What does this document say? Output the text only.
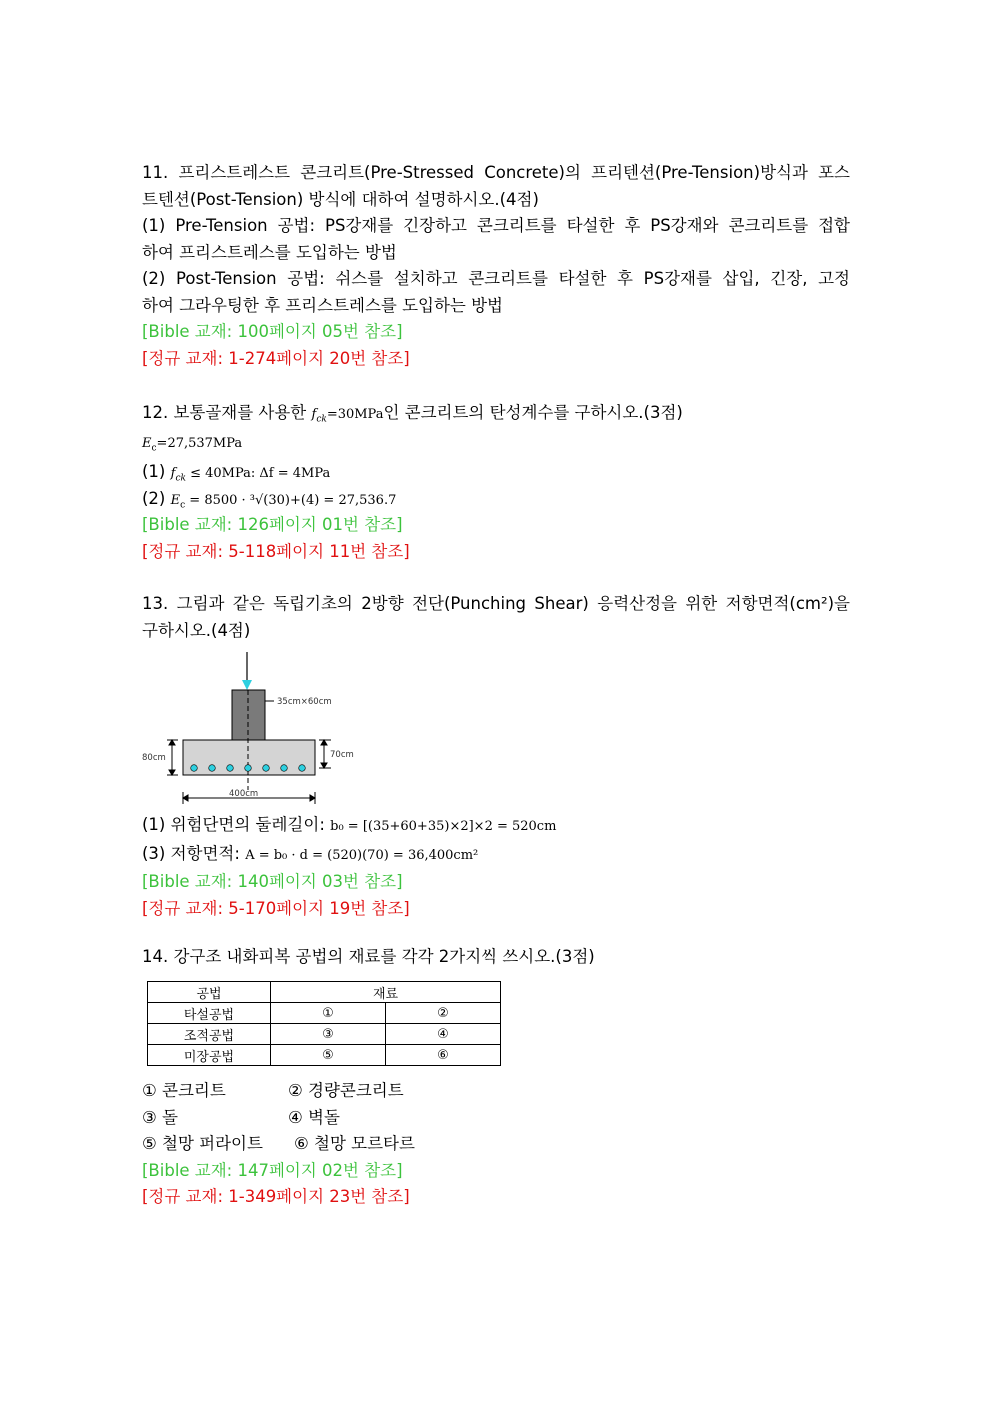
11. 프리스트레스트 콘크리트(Pre-Stressed Concrete)의 프리텐션(Pre-Tension)방식과 포스
트텐션(Post-Tension) 방식에 대하여 설명하시오.(4점)
(1) Pre-Tension 공법: PS강재를 긴장하고 콘크리트를 타설한 후 PS강재와 콘크리트를 접합
하여 프리스트레스를 도입하는 방법
(2) Post-Tension 공법: 쉬스를 설치하고 콘크리트를 타설한 후 PS강재를 삽입, 긴장, 고정
하여 그라우팅한 후 프리스트레스를 도입하는 방법
[Bible 교재: 100페이지 05번 참조]
[정규 교재: 1-274페이지 20번 참조]
12. 보통골재를 사용한 $f_{ck}=30MPa$인 콘크리트의 탄성계수를 구하시오.(3점)
$E_c=27,537MPa$
(1) $f_{ck} \le 40MPa$: Δf = 4MPa
(2) $E_c = 8500 \cdot ^3√(30)+(4) = 27,536.7$
[Bible 교재: 126페이지 01번 참조]
[정규 교재: 5-118페이지 11번 참조]
13. 그림과 같은 독립기초의 2방향 전단(Punching Shear) 응력산정을 위한 저항면적(cm²)을
구하시오.(4점)
35cm×60cm
80cm	70cm
400cm
(1) 위험단면의 둘레길이: b₀ = [(35+60+35)×2]×2 = 520cm
(3) 저항면적: A = b₀ · d = (520)(70) = 36,400cm²
[Bible 교재: 140페이지 03번 참조]
[정규 교재: 5-170페이지 19번 참조]
14. 강구조 내화피복 공법의 재료를 각각 2가지씩 쓰시오.(3점)
공법	재료	
타설공법	①	②
조적공법	③	④
미장공법	⑤	⑥
① 콘크리트	② 경량콘크리트
③ 돌	④ 벽돌
⑤ 철망 퍼라이트 ⑥ 철망 모르타르
[Bible 교재: 147페이지 02번 참조]
[정규 교재: 1-349페이지 23번 참조]
